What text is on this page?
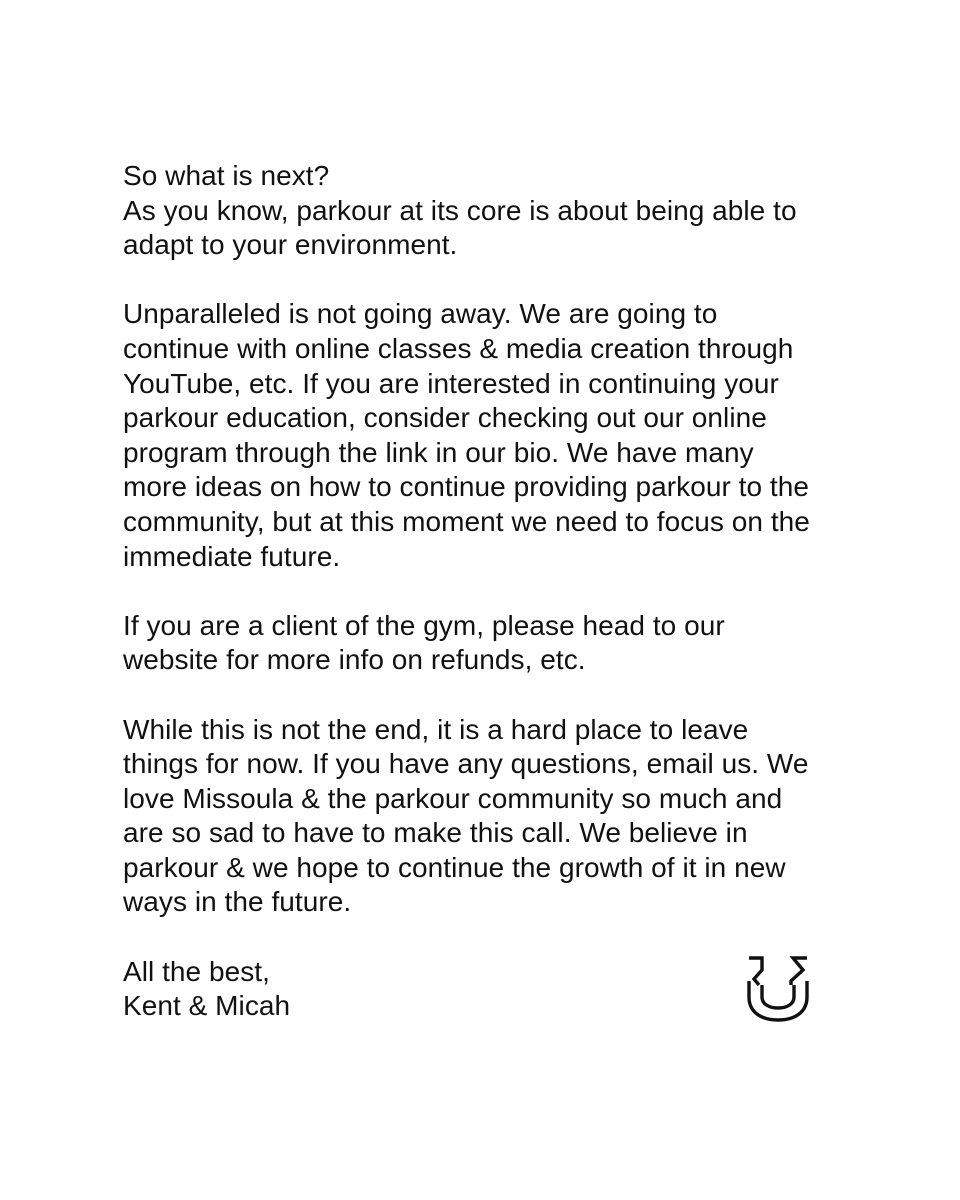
So what is next?
As you know, parkour at its core is about being able to
adapt to your environment.
Unparalleled is not going away. We are going to
continue with online classes & media creation through
YouTube, etc. If you are interested in continuing your
parkour education, consider checking out our online
program through the link in our bio. We have many
more ideas on how to continue providing parkour to the
community, but at this moment we need to focus on the
immediate future.
If you are a client of the gym, please head to our
website for more info on refunds, etc.
While this is not the end, it is a hard place to leave
things for now. If you have any questions, email us. We
love Missoula & the parkour community so much and
are so sad to have to make this call. We believe in
parkour & we hope to continue the growth of it in new
ways in the future.
All the best,
Kent & Micah
